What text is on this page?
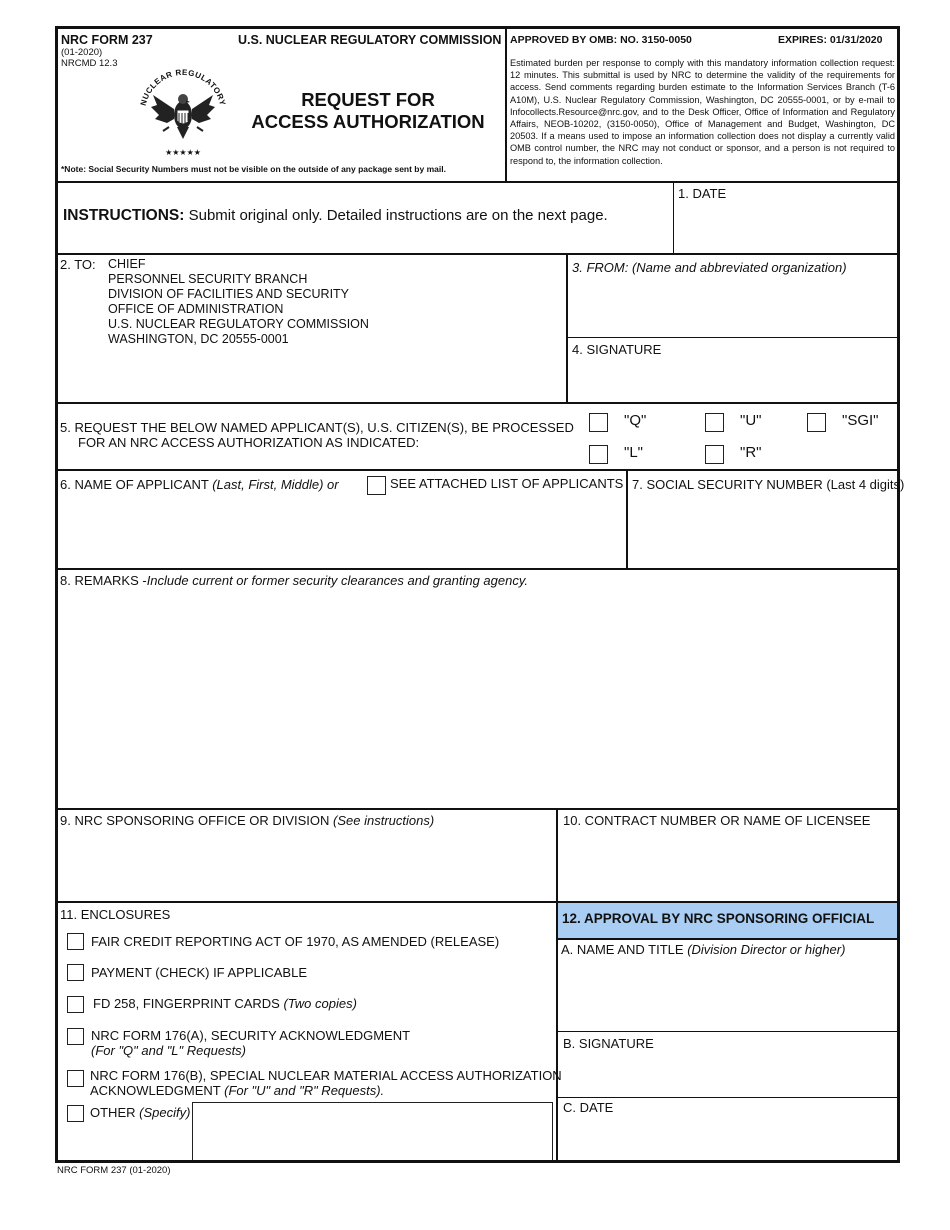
NRC FORM 237	U.S. NUCLEAR REGULATORY COMMISSION
(01-2020)
NRCMD 12.3
NUCLEAR REGULATORY
★★★★★
REQUEST FOR
ACCESS AUTHORIZATION
*Note: Social Security Numbers must not be visible on the outside of any package sent by mail.
APPROVED BY OMB: NO. 3150-0050	EXPIRES: 01/31/2020
Estimated burden per response to comply with this mandatory information collection request: 12 minutes. This submittal is used by NRC to determine the validity of the requirements for access. Send comments regarding burden estimate to the Information Services Branch (T-6 A10M), U.S. Nuclear Regulatory Commission, Washington, DC 20555-0001, or by e-mail to Infocollects.Resource@nrc.gov, and to the Desk Officer, Office of Information and Regulatory Affairs, NEOB-10202, (3150-0050), Office of Management and Budget, Washington, DC 20503. If a means used to impose an information collection does not display a currently valid OMB control number, the NRC may not conduct or sponsor, and a person is not required to respond to, the information collection.
INSTRUCTIONS: Submit original only. Detailed instructions are on the next page.
1. DATE
2. TO: CHIEF
PERSONNEL SECURITY BRANCH
DIVISION OF FACILITIES AND SECURITY
OFFICE OF ADMINISTRATION
U.S. NUCLEAR REGULATORY COMMISSION
WASHINGTON, DC 20555-0001
3. FROM: (Name and abbreviated organization)
4. SIGNATURE
5. REQUEST THE BELOW NAMED APPLICANT(S), U.S. CITIZEN(S), BE PROCESSED
FOR AN NRC ACCESS AUTHORIZATION AS INDICATED:
"Q"	"U"	"SGI"
"L"	"R"
6. NAME OF APPLICANT (Last, First, Middle) or	SEE ATTACHED LIST OF APPLICANTS 7. SOCIAL SECURITY NUMBER (Last 4 digits)
8. REMARKS -Include current or former security clearances and granting agency.
9. NRC SPONSORING OFFICE OR DIVISION (See instructions)	10. CONTRACT NUMBER OR NAME OF LICENSEE
11. ENCLOSURES
FAIR CREDIT REPORTING ACT OF 1970, AS AMENDED (RELEASE)
PAYMENT (CHECK) IF APPLICABLE
FD 258, FINGERPRINT CARDS (Two copies)
NRC FORM 176(A), SECURITY ACKNOWLEDGMENT
(For "Q" and "L" Requests)
NRC FORM 176(B), SPECIAL NUCLEAR MATERIAL ACCESS AUTHORIZATION
ACKNOWLEDGMENT (For "U" and "R" Requests).
OTHER (Specify)
12. APPROVAL BY NRC SPONSORING OFFICIAL
A. NAME AND TITLE (Division Director or higher)
B. SIGNATURE
C. DATE
NRC FORM 237 (01-2020)
